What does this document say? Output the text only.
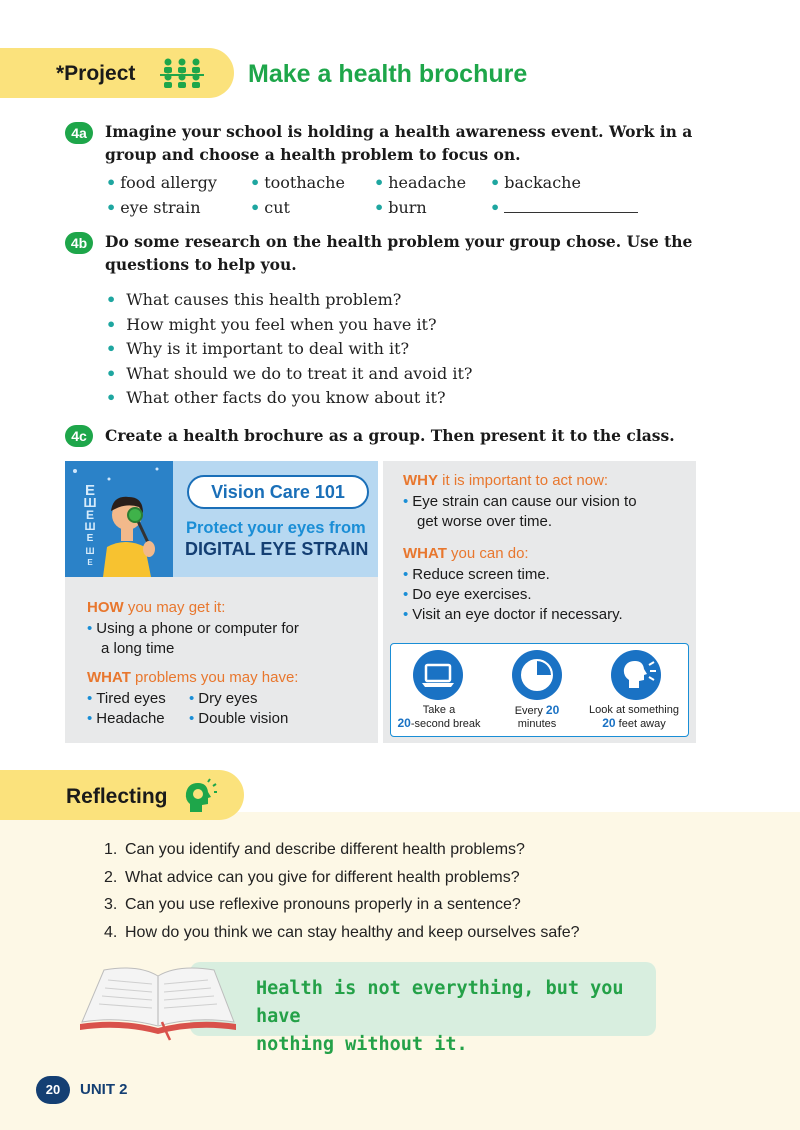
*Project	Make a health brochure
4a	Imagine your school is holding a health awareness event. Work in a group and choose a health problem to focus on.
• food allergy • toothache • headache • backache
• eye strain	• cut	• burn	•
4b	Do some research on the health problem your group chose. Use the questions to help you.
• What causes this health problem?
• How might you feel when you have it?
• Why is it important to deal with it?
• What should we do to treat it and avoid it?
• What other facts do you know about it?
4c	Create a health brochure as a group. Then present it to the class.
E
Ш
E
Ш
E
Ш
E
Vision Care 101
Protect your eyes from
DIGITAL EYE STRAIN
HOW you may get it:
• Using a phone or computer for
a long time
WHAT problems you may have:
• Tired eyes • Dry eyes
• Headache • Double vision
WHY it is important to act now:
• Eye strain can cause our vision to
get worse over time.
WHAT you can do:
• Reduce screen time.
• Do eye exercises.
• Visit an eye doctor if necessary.
Take a
20-second break
Every 20
minutes
Look at something
20 feet away
Reflecting
1. Can you identify and describe different health problems?
2. What advice can you give for different health problems?
3. Can you use reflexive pronouns properly in a sentence?
4. How do you think we can stay healthy and keep ourselves safe?
Health is not everything, but you have
nothing without it.
20	UNIT 2
